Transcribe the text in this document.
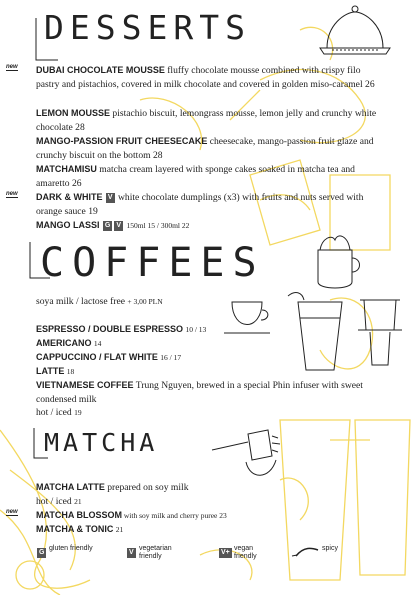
DESSERTS
new DUBAI CHOCOLATE MOUSSE fluffy chocolate mousse combined with crispy filo pastry and pistachios, covered in milk chocolate and covered in golden miso-caramel 26
LEMON MOUSSE pistachio biscuit, lemongrass mousse, lemon jelly and crunchy white chocolate 28
MANGO-PASSION FRUIT CHEESECAKE cheesecake, mango-passion fruit glaze and crunchy biscuit on the bottom 28
MATCHAMISU matcha cream layered with sponge cakes soaked in matcha tea and amaretto 26
new DARK & WHITE V white chocolate dumplings (x3) with fruits and nuts served with orange sauce 19
MANGO LASSI G V 150ml 15 / 300ml 22
COFFEES
soya milk / lactose free + 3,00 PLN
ESPRESSO / DOUBLE ESPRESSO 10 / 13
AMERICANO 14
CAPPUCCINO / FLAT WHITE 16 / 17
LATTE 18
VIETNAMESE COFFEE Trung Nguyen, brewed in a special Phin infuser with sweet condensed milk
hot / iced 19
MATCHA
MATCHA LATTE prepared on soy milk
hot / iced 21
new MATCHA BLOSSOM with soy milk and cherry puree 23
MATCHA & TONIC 21
G
gluten friendly
V
vegetarian friendly
V+
vegan friendly
spicy
